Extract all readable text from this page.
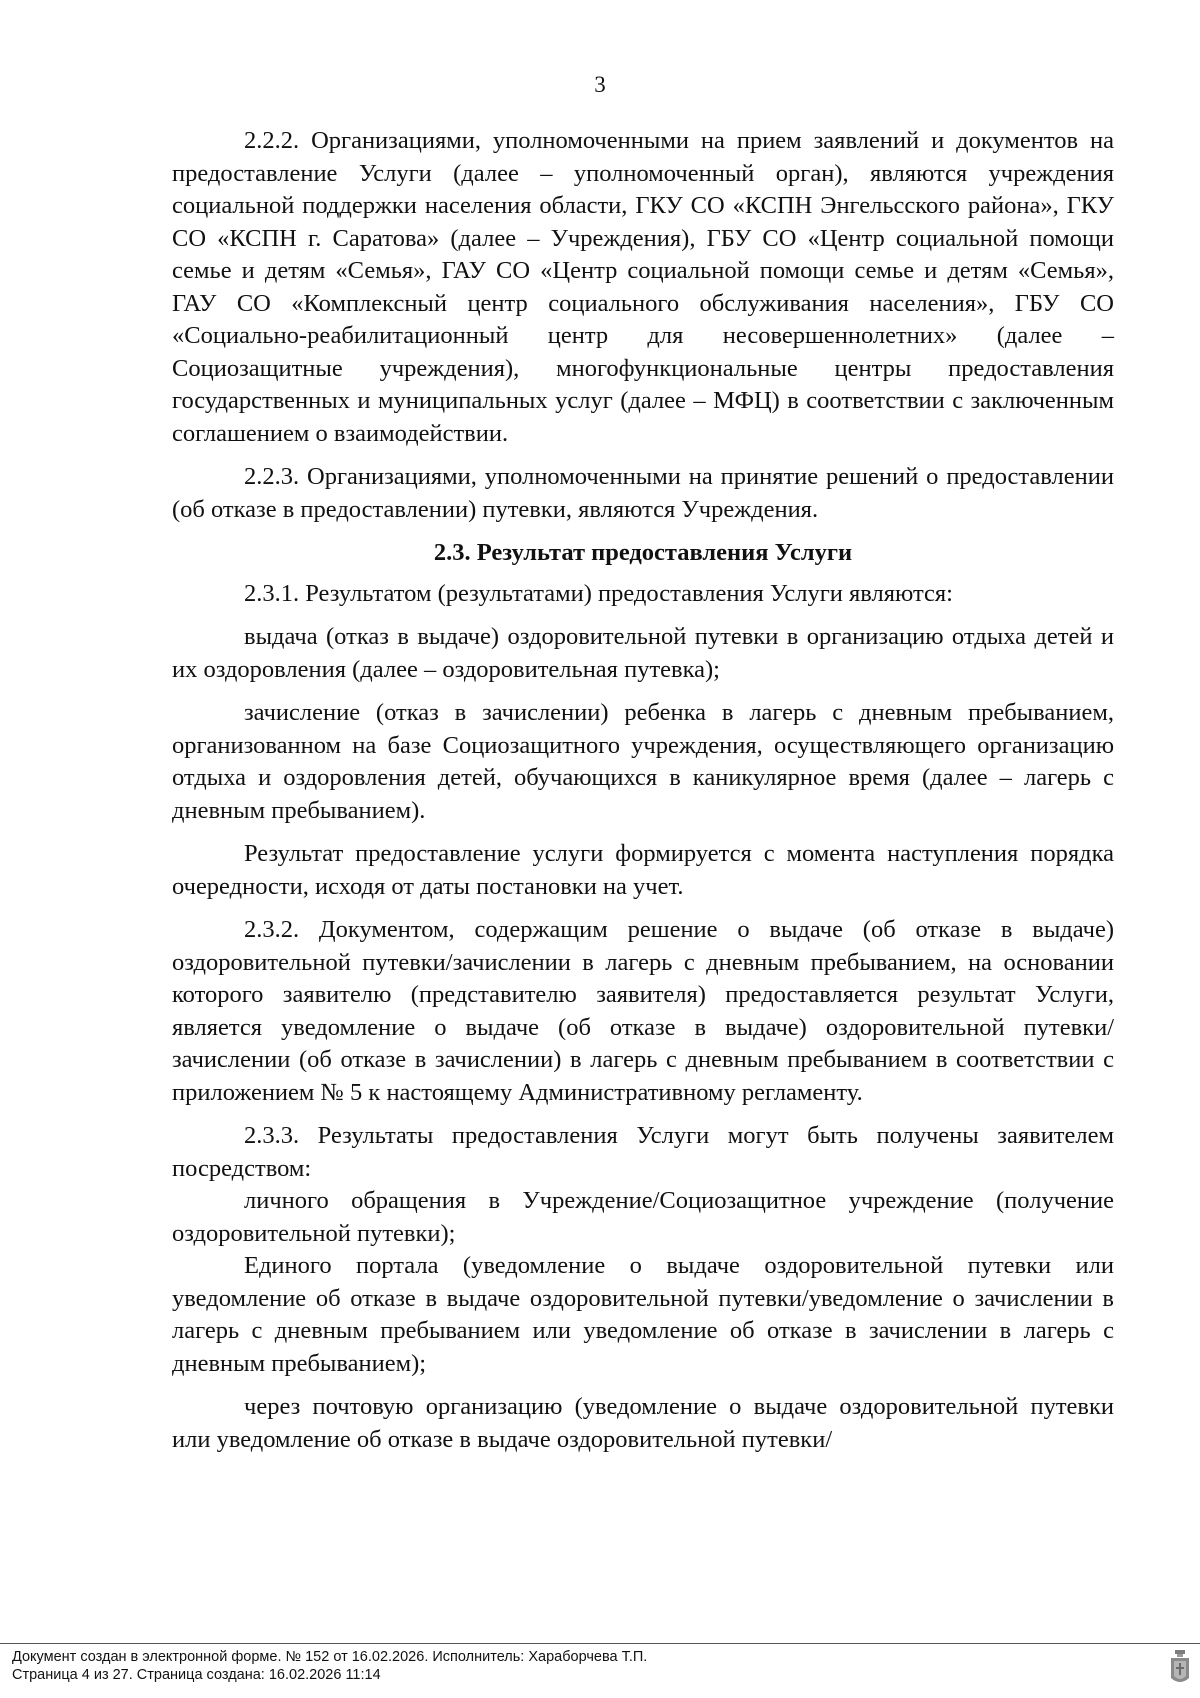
3

2.2.2. Организациями, уполномоченными на прием заявлений и документов на предоставление Услуги (далее – уполномоченный орган), являются учреждения социальной поддержки населения области, ГКУ СО «КСПН Энгельсского района», ГКУ СО «КСПН г. Саратова» (далее – Учреждения), ГБУ СО «Центр социальной помощи семье и детям «Семья», ГАУ СО «Центр социальной помощи семье и детям «Семья», ГАУ СО «Комплексный центр социального обслуживания населения», ГБУ СО «Социально-реабилитационный центр для несовершеннолетних» (далее – Социозащитные учреждения), многофункциональные центры предоставления государственных и муниципальных услуг (далее – МФЦ) в соответствии с заключенным соглашением о взаимодействии.

2.2.3. Организациями, уполномоченными на принятие решений о предоставлении (об отказе в предоставлении) путевки, являются Учреждения.

2.3. Результат предоставления Услуги

2.3.1. Результатом (результатами) предоставления Услуги являются:

выдача (отказ в выдаче) оздоровительной путевки в организацию отдыха детей и их оздоровления (далее – оздоровительная путевка);

зачисление (отказ в зачислении) ребенка в лагерь с дневным пребыванием, организованном на базе Социозащитного учреждения, осуществляющего организацию отдыха и оздоровления детей, обучающихся в каникулярное время (далее – лагерь с дневным пребыванием).

Результат предоставление услуги формируется с момента наступления порядка очередности, исходя от даты постановки на учет.

2.3.2. Документом, содержащим решение о выдаче (об отказе в выдаче) оздоровительной путевки/зачислении в лагерь с дневным пребыванием, на основании которого заявителю (представителю заявителя) предоставляется результат Услуги, является уведомление о выдаче (об отказе в выдаче) оздоровительной путевки/зачислении (об отказе в зачислении) в лагерь с дневным пребыванием в соответствии с приложением № 5 к настоящему Административному регламенту.

2.3.3. Результаты предоставления Услуги могут быть получены заявителем посредством:

личного обращения в Учреждение/Социозащитное учреждение (получение оздоровительной путевки);

Единого портала (уведомление о выдаче оздоровительной путевки или уведомление об отказе в выдаче оздоровительной путевки/уведомление о зачислении в лагерь с дневным пребыванием или уведомление об отказе в зачислении в лагерь с дневным пребыванием);

через почтовую организацию (уведомление о выдаче оздоровительной путевки или уведомление об отказе в выдаче оздоровительной путевки/

Документ создан в электронной форме. № 152 от 16.02.2026. Исполнитель: Хараборчева Т.П.
Страница 4 из 27. Страница создана: 16.02.2026 11:14
